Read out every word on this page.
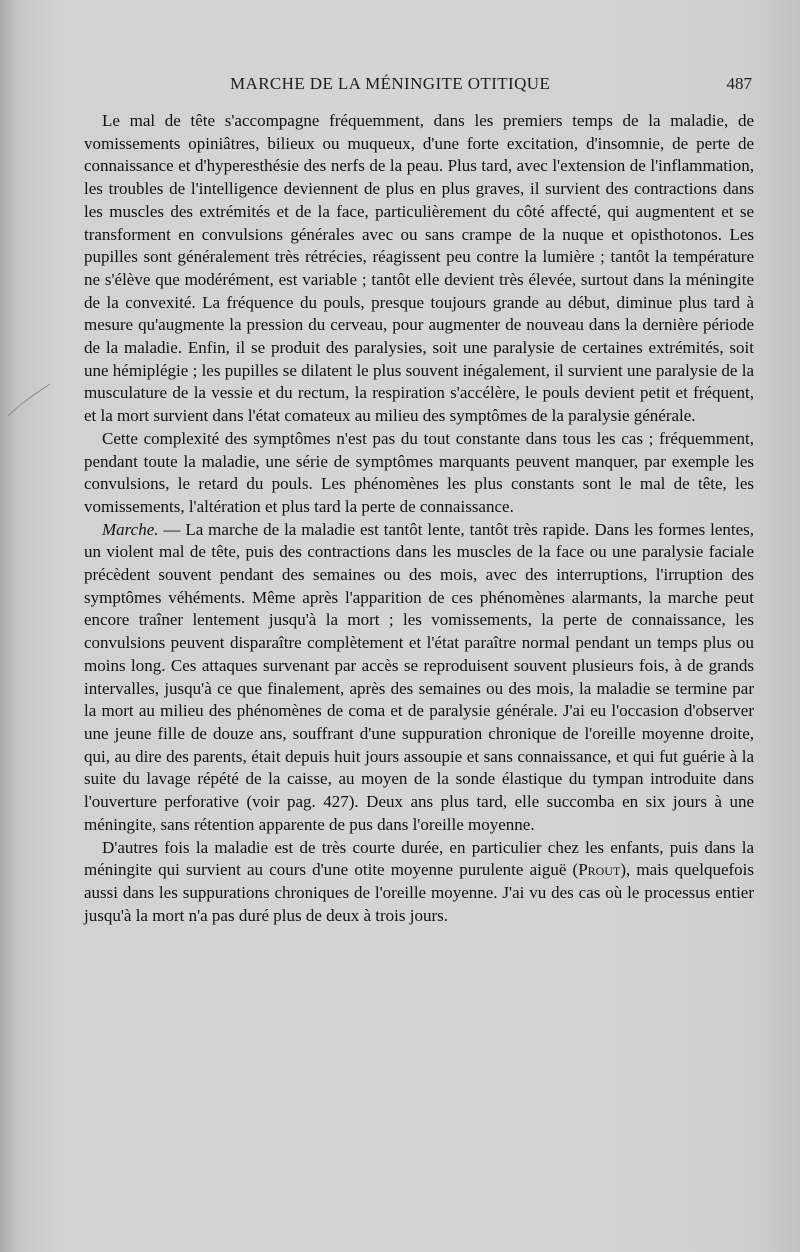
MARCHE DE LA MÉNINGITE OTITIQUE	487

Le mal de tête s'accompagne fréquemment, dans les premiers temps de la maladie, de vomissements opiniâtres, bilieux ou muqueux, d'une forte excitation, d'insomnie, de perte de connaissance et d'hyperesthésie des nerfs de la peau. Plus tard, avec l'extension de l'inflammation, les troubles de l'intelligence deviennent de plus en plus graves, il survient des contractions dans les muscles des extrémités et de la face, particulièrement du côté affecté, qui augmentent et se transforment en convulsions générales avec ou sans crampe de la nuque et opisthotonos. Les pupilles sont généralement très rétrécies, réagissent peu contre la lumière ; tantôt la température ne s'élève que modérément, est variable ; tantôt elle devient très élevée, surtout dans la méningite de la convexité. La fréquence du pouls, presque toujours grande au début, diminue plus tard à mesure qu'augmente la pression du cerveau, pour augmenter de nouveau dans la dernière période de la maladie. Enfin, il se produit des paralysies, soit une paralysie de certaines extrémités, soit une hémiplégie ; les pupilles se dilatent le plus souvent inégalement, il survient une paralysie de la musculature de la vessie et du rectum, la respiration s'accélère, le pouls devient petit et fréquent, et la mort survient dans l'état comateux au milieu des symptômes de la paralysie générale.

Cette complexité des symptômes n'est pas du tout constante dans tous les cas ; fréquemment, pendant toute la maladie, une série de symptômes marquants peuvent manquer, par exemple les convulsions, le retard du pouls. Les phénomènes les plus constants sont le mal de tête, les vomissements, l'altération et plus tard la perte de connaissance.

Marche. — La marche de la maladie est tantôt lente, tantôt très rapide. Dans les formes lentes, un violent mal de tête, puis des contractions dans les muscles de la face ou une paralysie faciale précèdent souvent pendant des semaines ou des mois, avec des interruptions, l'irruption des symptômes véhéments. Même après l'apparition de ces phénomènes alarmants, la marche peut encore traîner lentement jusqu'à la mort ; les vomissements, la perte de connaissance, les convulsions peuvent disparaître complètement et l'état paraître normal pendant un temps plus ou moins long. Ces attaques survenant par accès se reproduisent souvent plusieurs fois, à de grands intervalles, jusqu'à ce que finalement, après des semaines ou des mois, la maladie se termine par la mort au milieu des phénomènes de coma et de paralysie générale. J'ai eu l'occasion d'observer une jeune fille de douze ans, souffrant d'une suppuration chronique de l'oreille moyenne droite, qui, au dire des parents, était depuis huit jours assoupie et sans connaissance, et qui fut guérie à la suite du lavage répété de la caisse, au moyen de la sonde élastique du tympan introduite dans l'ouverture perforative (voir pag. 427). Deux ans plus tard, elle succomba en six jours à une méningite, sans rétention apparente de pus dans l'oreille moyenne.

D'autres fois la maladie est de très courte durée, en particulier chez les enfants, puis dans la méningite qui survient au cours d'une otite moyenne purulente aiguë (Prout), mais quelquefois aussi dans les suppurations chroniques de l'oreille moyenne. J'ai vu des cas où le processus entier jusqu'à la mort n'a pas duré plus de deux à trois jours.
